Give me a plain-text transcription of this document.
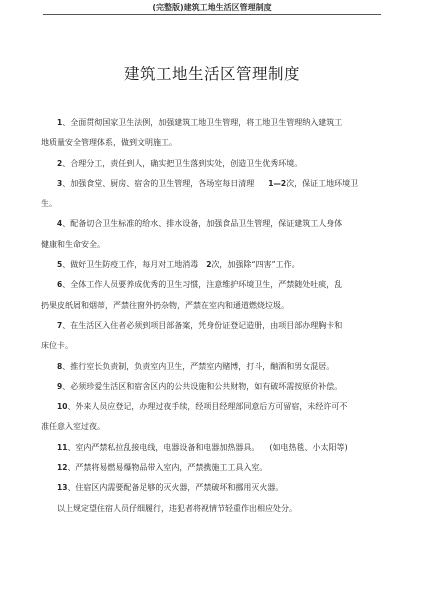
(完整版)建筑工地生活区管理制度
建筑工地生活区管理制度

1、全面贯彻国家卫生法例，加强建筑工地卫生管理，将工地卫生管理纳入建筑工

地质量安全管理体系，做到文明施工。

2、合理分工，责任到人，确实把卫生落到实处，创造卫生优秀环境。

3、加强食堂、厨房、宿舍的卫生管理，各场室每日清理 1—2次，保证工地环境卫

生。

4、配备切合卫生标准的给水、排水设备，加强食品卫生管理，保证建筑工人身体

健康和生命安全。

5、做好卫生防疫工作，每月对工地消毒 2次，加强除“四害”工作。

6、全体工作人员要养成优秀的卫生习惯，注意维护环境卫生，严禁随处吐痰，乱

扔果皮纸屑和烟蒂，严禁往窗外扔杂物，严禁在室内和通道燃烧垃圾。

7、在生活区入住者必须到项目部备案，凭身份证登记造册，由项目部办理胸卡和

床位卡。

8、推行室长负责制，负责室内卫生，严禁室内赌博，打斗，酗酒和男女混居。

9、必须珍爱生活区和宿舍区内的公共设施和公共财物，如有破坏需按原价补偿。

10、外来人员应登记，办理过夜手续，经项目经理部同意后方可留宿，未经许可不

准任意入室过夜。

11、室内严禁私拉乱接电线，电器设备和电器加热器具。 (如电热毯、小太阳等)

12、严禁将易燃易爆物品带入室内，严禁携施工工具入室。

13、住宿区内需要配备足够的灭火器，严禁破坏和挪用灭火器。

以上规定望住宿人员仔细履行，违犯者将视情节轻重作出相应处分。
